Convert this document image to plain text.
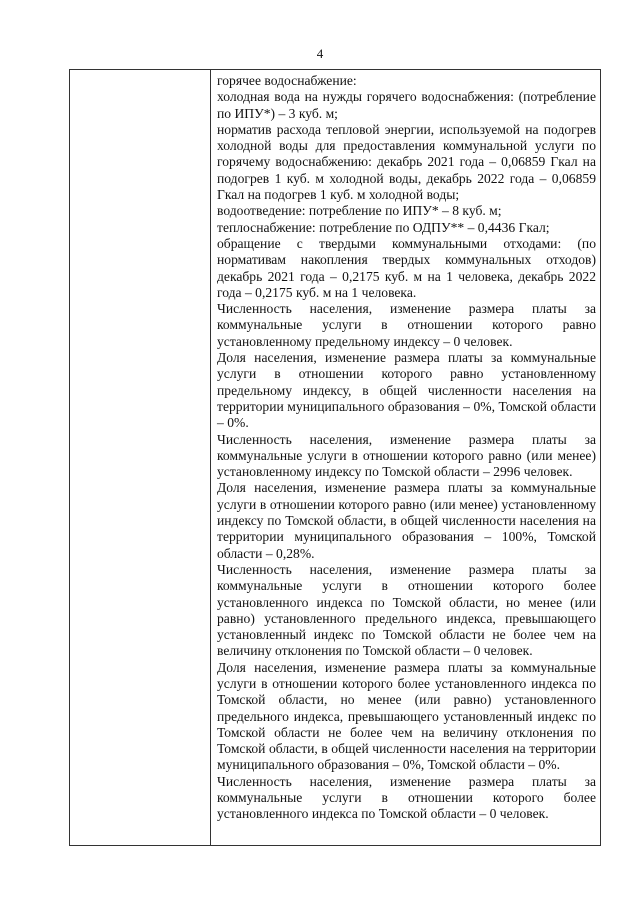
4

горячее водоснабжение:

холодная вода на нужды горячего водоснабжения: (потребление по ИПУ*) – 3 куб. м;

норматив расхода тепловой энергии, используемой на подогрев холодной воды для предоставления коммунальной услуги по горячему водоснабжению: декабрь 2021 года – 0,06859 Гкал на подогрев 1 куб. м холодной воды, декабрь 2022 года – 0,06859 Гкал на подогрев 1 куб. м холодной воды;

водоотведение: потребление по ИПУ* – 8 куб. м;

теплоснабжение: потребление по ОДПУ** – 0,4436 Гкал;

обращение с твердыми коммунальными отходами: (по нормативам накопления твердых коммунальных отходов) декабрь 2021 года – 0,2175 куб. м на 1 человека, декабрь 2022 года – 0,2175 куб. м на 1 человека.

Численность населения, изменение размера платы за коммунальные услуги в отношении которого равно установленному предельному индексу – 0 человек.

Доля населения, изменение размера платы за коммунальные услуги в отношении которого равно установленному предельному индексу, в общей численности населения на территории муниципального образования – 0%, Томской области – 0%.

Численность населения, изменение размера платы за коммунальные услуги в отношении которого равно (или менее) установленному индексу по Томской области – 2996 человек.

Доля населения, изменение размера платы за коммунальные услуги в отношении которого равно (или менее) установленному индексу по Томской области, в общей численности населения на территории муниципального образования – 100%, Томской области – 0,28%.

Численность населения, изменение размера платы за коммунальные услуги в отношении которого более установленного индекса по Томской области, но менее (или равно) установленного предельного индекса, превышающего установленный индекс по Томской области не более чем на величину отклонения по Томской области – 0 человек.

Доля населения, изменение размера платы за коммунальные услуги в отношении которого более установленного индекса по Томской области, но менее (или равно) установленного предельного индекса, превышающего установленный индекс по Томской области не более чем на величину отклонения по Томской области, в общей численности населения на территории муниципального образования – 0%, Томской области – 0%.

Численность населения, изменение размера платы за коммунальные услуги в отношении которого более установленного индекса по Томской области – 0 человек.
